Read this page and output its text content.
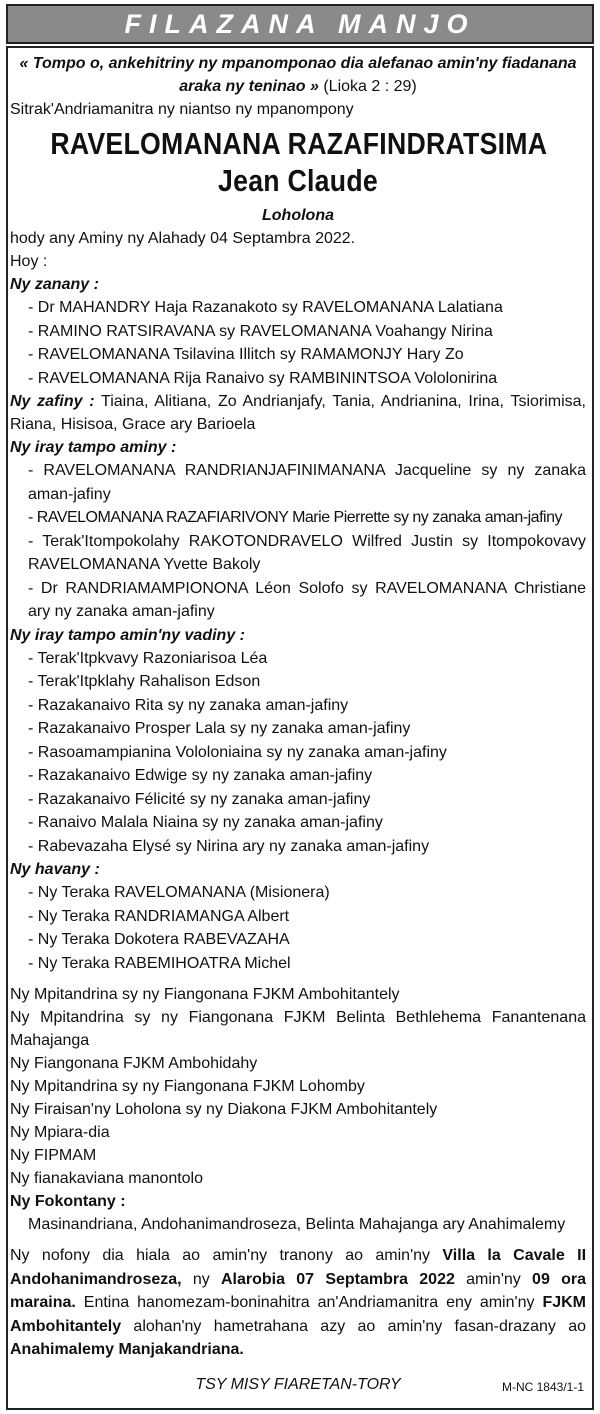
FILAZANA MANJO
« Tompo o, ankehitriny ny mpanomponao dia alefanao amin'ny fiadanana araka ny teninao » (Lioka 2 : 29)
Sitrak'Andriamanitra ny niantso ny mpanompony
RAVELOMANANA RAZAFINDRATSIMA
Jean Claude
Loholona
hody any Aminy ny Alahady 04 Septambra 2022.
Hoy :
Ny zanany :
- Dr MAHANDRY Haja Razanakoto sy RAVELOMANANA Lalatiana
- RAMINO RATSIRAVANA sy RAVELOMANANA Voahangy Nirina
- RAVELOMANANA Tsilavina Illitch sy RAMAMONJY Hary Zo
- RAVELOMANANA Rija Ranaivo sy RAMBININTSOA Vololonirina
Ny zafiny : Tiaina, Alitiana, Zo Andrianjafy, Tania, Andrianina, Irina, Tsiorimisa, Riana, Hisisoa, Grace ary Barioela
Ny iray tampo aminy :
- RAVELOMANANA RANDRIANJAFINIMANANA Jacqueline sy ny zanaka aman-jafiny
- RAVELOMANANA RAZAFIARIVONY Marie Pierrette sy ny zanaka aman-jafiny
- Terak'Itompokolahy RAKOTONDRAVELO Wilfred Justin sy Itompokovavy RAVELOMANANA Yvette Bakoly
- Dr RANDRIAMAMPIONONA Léon Solofo sy RAVELOMANANA Christiane ary ny zanaka aman-jafiny
Ny iray tampo amin'ny vadiny :
- Terak'Itpkvavy Razoniarisoa Léa
- Terak'Itpklahy Rahalison Edson
- Razakanaivo Rita sy ny zanaka aman-jafiny
- Razakanaivo Prosper Lala sy ny zanaka aman-jafiny
- Rasoamampianina Vololoniaina sy ny zanaka aman-jafiny
- Razakanaivo Edwige sy ny zanaka aman-jafiny
- Razakanaivo Félicité sy ny zanaka aman-jafiny
- Ranaivo Malala Niaina sy ny zanaka aman-jafiny
- Rabevazaha Elysé sy Nirina ary ny zanaka aman-jafiny
Ny havany :
- Ny Teraka RAVELOMANANA (Misionera)
- Ny Teraka RANDRIAMANGA Albert
- Ny Teraka Dokotera RABEVAZAHA
- Ny Teraka RABEMIHOATRA Michel
Ny Mpitandrina sy ny Fiangonana FJKM Ambohitantely
Ny Mpitandrina sy ny Fiangonana FJKM Belinta Bethlehema Fanantenana Mahajanga
Ny Fiangonana FJKM Ambohidahy
Ny Mpitandrina sy ny Fiangonana FJKM Lohomby
Ny Firaisan'ny Loholona sy ny Diakona FJKM Ambohitantely
Ny Mpiara-dia
Ny FIPMAM
Ny fianakaviana manontolo
Ny Fokontany :
Masinandriana, Andohanimandroseza, Belinta Mahajanga ary Anahimalemy
Ny nofony dia hiala ao amin'ny tranony ao amin'ny Villa la Cavale II Andohanimandroseza, ny Alarobia 07 Septambra 2022 amin'ny 09 ora maraina. Entina hanomezam-boninahitra an'Andriamanitra eny amin'ny FJKM Ambohitantely alohan'ny hametrahana azy ao amin'ny fasan-drazany ao Anahimalemy Manjakandriana.
TSY MISY FIARETAN-TORY	M-NC 1843/1-1
